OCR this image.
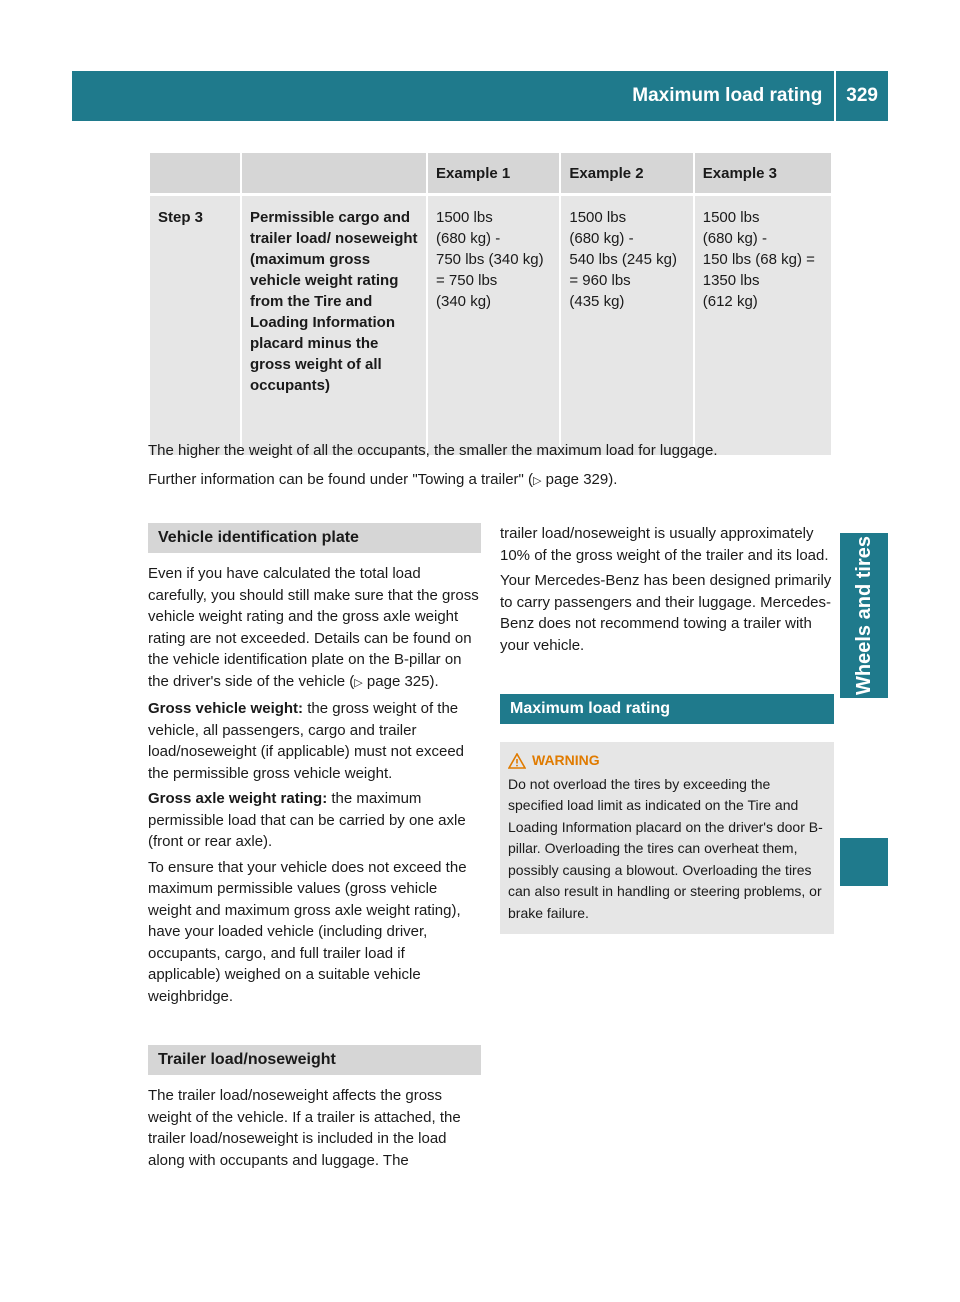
Maximum load rating	329
Wheels and tires
		Example 1	Example 2	Example 3
Step 3	Permissible cargo and trailer load/ noseweight (maximum gross vehicle weight rating from the Tire and Loading Information placard minus the gross weight of all occupants)	1500 lbs
(680 kg) -
750 lbs (340 kg)
= 750 lbs
(340 kg)	1500 lbs
(680 kg) -
540 lbs (245 kg)
= 960 lbs
(435 kg)	1500 lbs
(680 kg) -
150 lbs (68 kg) =
1350 lbs
(612 kg)

The higher the weight of all the occupants, the smaller the maximum load for luggage.

Further information can be found under "Towing a trailer" (▷ page 329).

Vehicle identification plate

Even if you have calculated the total load carefully, you should still make sure that the gross vehicle weight rating and the gross axle weight rating are not exceeded. Details can be found on the vehicle identification plate on the B-pillar on the driver's side of the vehicle (▷ page 325).

Gross vehicle weight: the gross weight of the vehicle, all passengers, cargo and trailer load/noseweight (if applicable) must not exceed the permissible gross vehicle weight.

Gross axle weight rating: the maximum permissible load that can be carried by one axle (front or rear axle).

To ensure that your vehicle does not exceed the maximum permissible values (gross vehicle weight and maximum gross axle weight rating), have your loaded vehicle (including driver, occupants, cargo, and full trailer load if applicable) weighed on a suitable vehicle weighbridge.

Trailer load/noseweight

The trailer load/noseweight affects the gross weight of the vehicle. If a trailer is attached, the trailer load/noseweight is included in the load along with occupants and luggage. The

trailer load/noseweight is usually approximately 10% of the gross weight of the trailer and its load.

Your Mercedes-Benz has been designed primarily to carry passengers and their luggage. Mercedes-Benz does not recommend towing a trailer with your vehicle.

Maximum load rating
WARNING
Do not overload the tires by exceeding the specified load limit as indicated on the Tire and Loading Information placard on the driver's door B-pillar. Overloading the tires can overheat them, possibly causing a blowout. Overloading the tires can also result in handling or steering problems, or brake failure.
